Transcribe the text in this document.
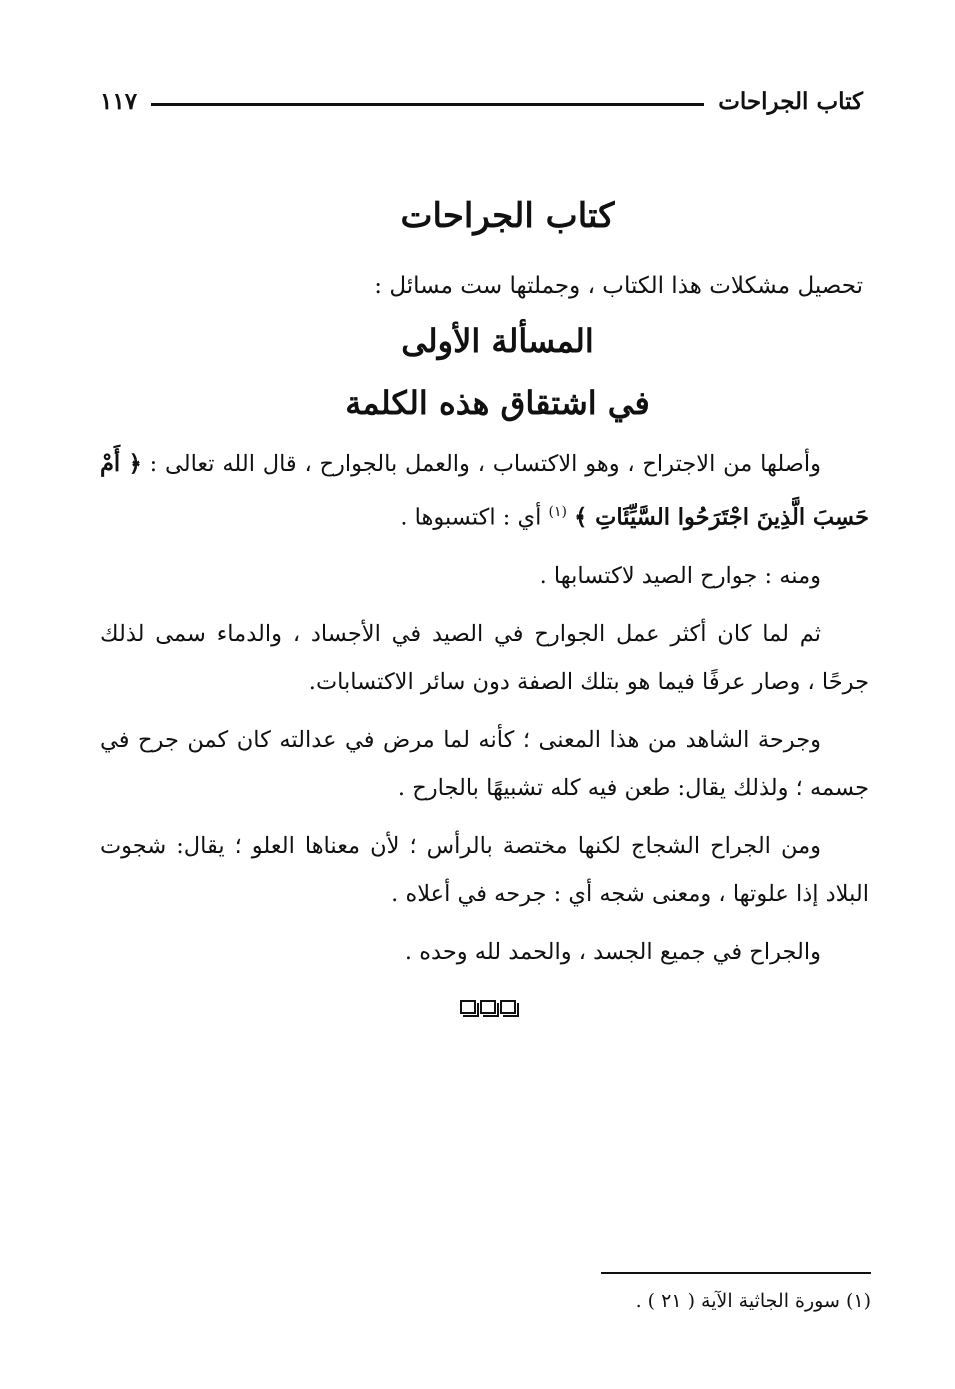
كتاب الجراحات
١١٧
كتاب الجراحات
تحصيل مشكلات هذا الكتاب ، وجملتها ست مسائل :
المسألة الأولى
في اشتقاق هذه الكلمة

وأصلها من الاجتراح ، وهو الاكتساب ، والعمل بالجوارح ، قال الله تعالى : ﴿ أَمْ حَسِبَ الَّذِينَ اجْتَرَحُوا السَّيِّئَاتِ ﴾ $^{(١)}$ أي : اكتسبوها .

ومنه : جوارح الصيد لاكتسابها .

ثم لما كان أكثر عمل الجوارح في الصيد في الأجساد ، والدماء سمى لذلك جرحًا ، وصار عرفًا فيما هو بتلك الصفة دون سائر الاكتسابات.

وجرحة الشاهد من هذا المعنى ؛ كأنه لما مرض في عدالته كان كمن جرح في جسمه ؛ ولذلك يقال: طعن فيه كله تشبيهًا بالجارح .

ومن الجراح الشجاج لكنها مختصة بالرأس ؛ لأن معناها العلو ؛ يقال: شجوت البلاد إذا علوتها ، ومعنى شجه أي : جرحه في أعلاه .

والجراح في جميع الجسد ، والحمد لله وحده .

(١) سورة الجاثية الآية ( ٢١ ) .
